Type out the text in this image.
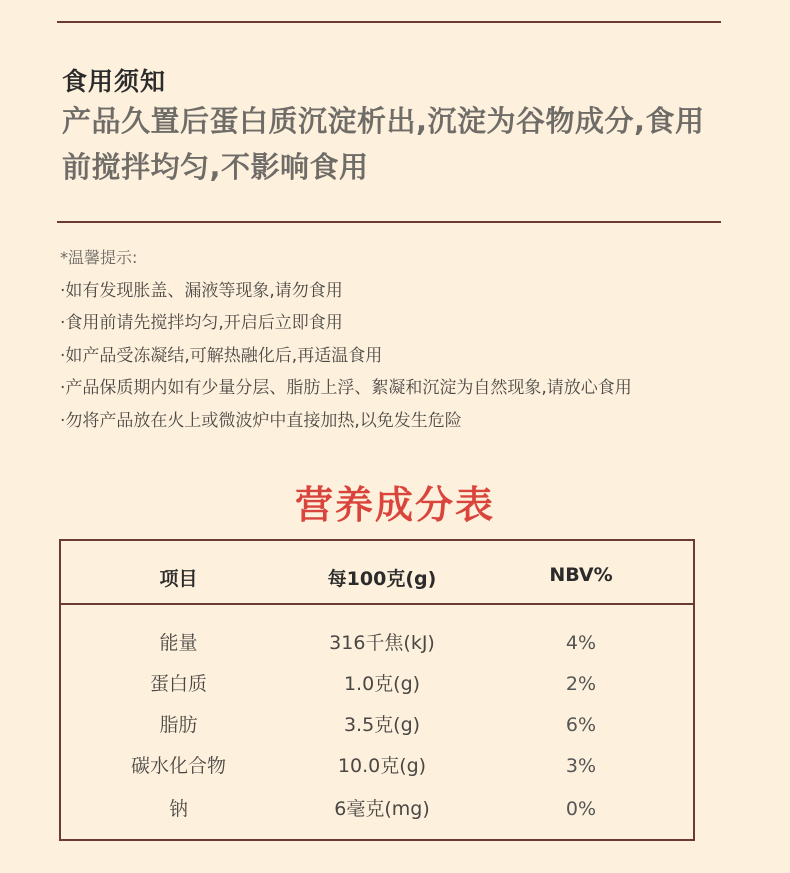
食用须知
产品久置后蛋白质沉淀析出,沉淀为谷物成分,食用前搅拌均匀,不影响食用
*温馨提示:
·如有发现胀盖、漏液等现象,请勿食用
·食用前请先搅拌均匀,开启后立即食用
·如产品受冻凝结,可解热融化后,再适温食用
·产品保质期内如有少量分层、脂肪上浮、絮凝和沉淀为自然现象,请放心食用
·勿将产品放在火上或微波炉中直接加热,以免发生危险
营养成分表
项目	每100克(g)	NBV%
能量	316千焦(kJ)	4%
蛋白质	1.0克(g)	2%
脂肪	3.5克(g)	6%
碳水化合物	10.0克(g)	3%
钠	6毫克(mg)	0%
